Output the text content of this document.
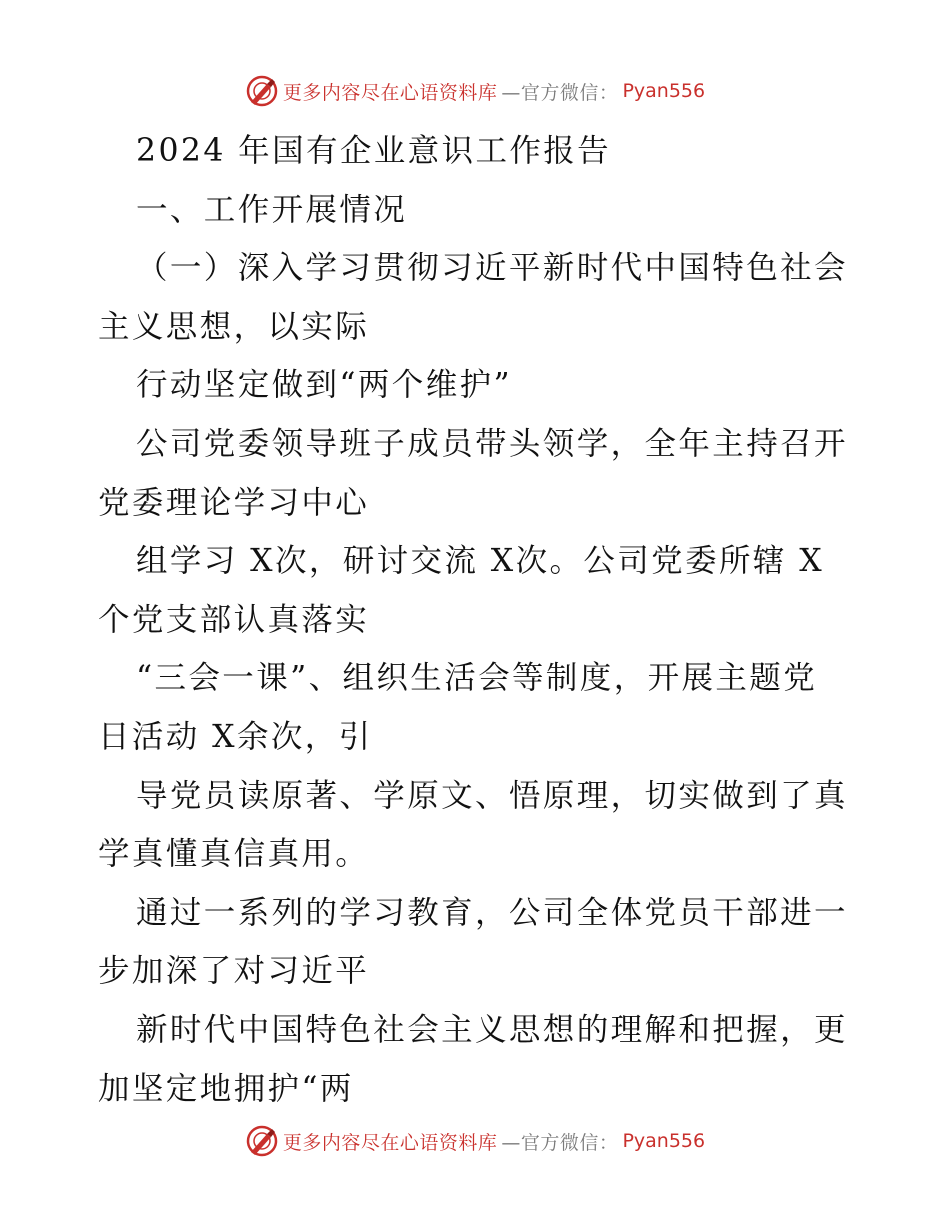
更多内容尽在心语资料库 —官方微信： Pyan556
2024 年国有企业意识工作报告
一、工作开展情况
（一）深入学习贯彻习近平新时代中国特色社会
主义思想，以实际
行动坚定做到“两个维护”
公司党委领导班子成员带头领学，全年主持召开
党委理论学习中心
组学习 X次，研讨交流 X次。公司党委所辖 X
个党支部认真落实
“三会一课”、组织生活会等制度，开展主题党
日活动 X余次，引
导党员读原著、学原文、悟原理，切实做到了真
学真懂真信真用。
通过一系列的学习教育，公司全体党员干部进一
步加深了对习近平
新时代中国特色社会主义思想的理解和把握，更
加坚定地拥护“两
更多内容尽在心语资料库 —官方微信： Pyan556
